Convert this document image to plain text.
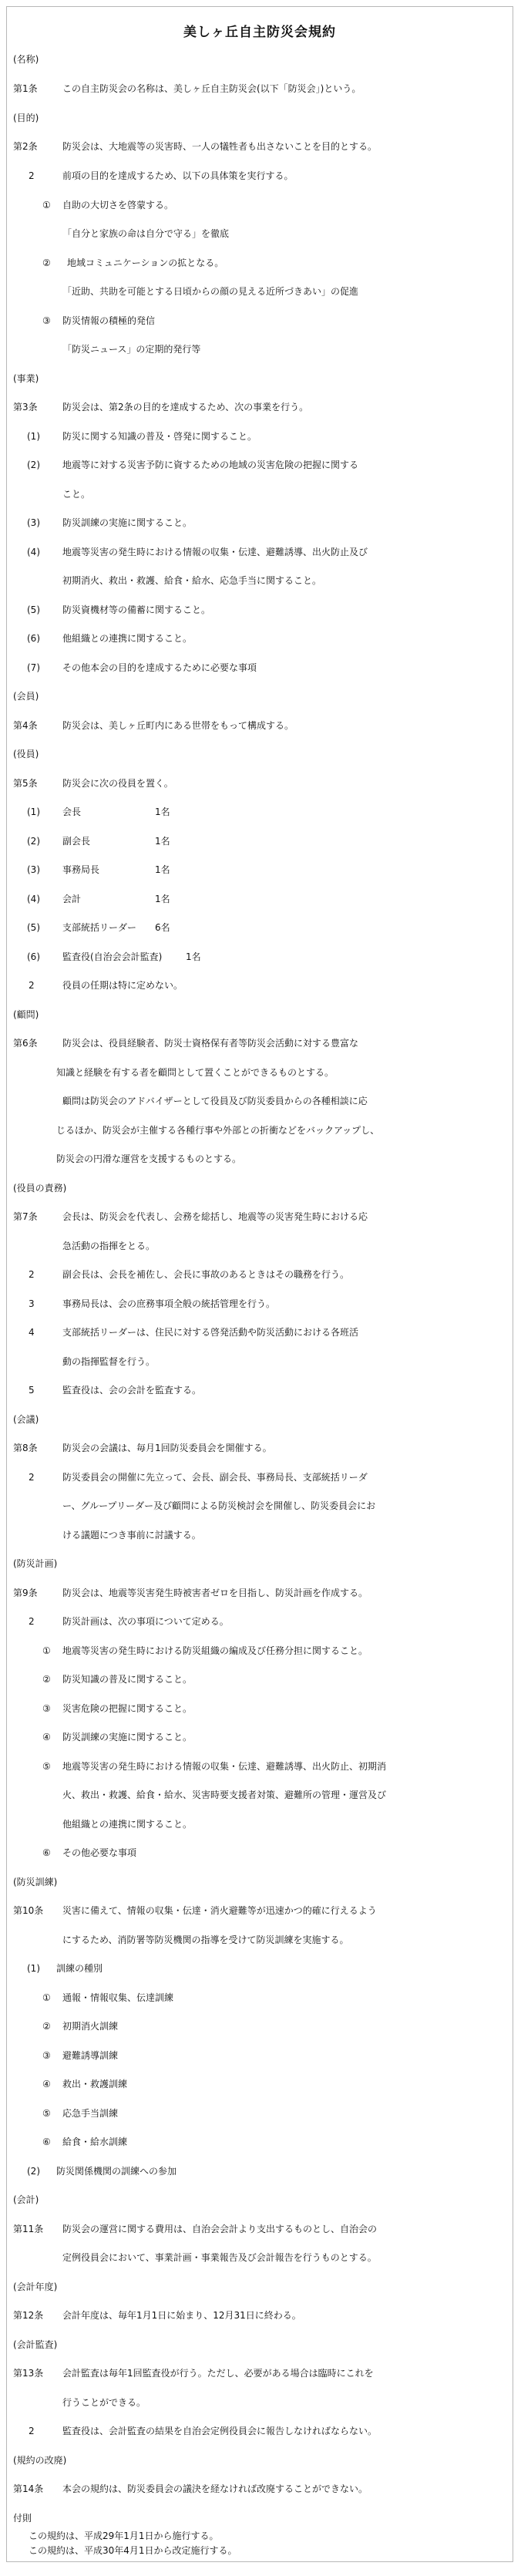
美しヶ丘自主防災会規約
(名称)
第1条	この自主防災会の名称は、美しヶ丘自主防災会(以下「防災会」)という。
(目的)
第2条	防災会は、大地震等の災害時、一人の犠牲者も出さないことを目的とする。
2	前項の目的を達成するため、以下の具体策を実行する。
① 自助の大切さを啓蒙する。
「自分と家族の命は自分で守る」を徹底
② 地域コミュニケーションの拡となる。
「近助、共助を可能とする日頃からの顔の見える近所づきあい」の促進
③ 防災情報の積極的発信
「防災ニュース」の定期的発行等
(事業)
第3条	防災会は、第2条の目的を達成するため、次の事業を行う。
(1) 防災に関する知識の普及・啓発に関すること。
(2) 地震等に対する災害予防に資するための地域の災害危険の把握に関する
こと。
(3) 防災訓練の実施に関すること。
(4) 地震等災害の発生時における情報の収集・伝達、避難誘導、出火防止及び
初期消火、救出・救護、給食・給水、応急手当に関すること。
(5) 防災資機材等の備蓄に関すること。
(6) 他組織との連携に関すること。
(7) その他本会の目的を達成するために必要な事項
(会員)
第4条	防災会は、美しヶ丘町内にある世帯をもって構成する。
(役員)
第5条	防災会に次の役員を置く。
(1) 会長	1名
(2) 副会長	1名
(3) 事務局長	1名
(4) 会計	1名
(5) 支部統括リーダー 6名
(6) 監査役(自治会会計監査)	1名
2	役員の任期は特に定めない。
(顧問)
第6条	防災会は、役員経験者、防災士資格保有者等防災会活動に対する豊富な
知識と経験を有する者を顧問として置くことができるものとする。
顧問は防災会のアドバイザーとして役員及び防災委員からの各種相談に応
じるほか、防災会が主催する各種行事や外部との折衝などをバックアップし、
防災会の円滑な運営を支援するものとする。
(役員の責務)
第7条	会長は、防災会を代表し、会務を総括し、地震等の災害発生時における応
急活動の指揮をとる。
2	副会長は、会長を補佐し、会長に事故のあるときはその職務を行う。
3	事務局長は、会の庶務事項全般の統括管理を行う。
4	支部統括リーダーは、住民に対する啓発活動や防災活動における各班活
動の指揮監督を行う。
5	監査役は、会の会計を監査する。
(会議)
第8条	防災会の会議は、毎月1回防災委員会を開催する。
2	防災委員会の開催に先立って、会長、副会長、事務局長、支部統括リーダ
ー、グループリーダー及び顧問による防災検討会を開催し、防災委員会にお
ける議題につき事前に討議する。
(防災計画)
第9条	防災会は、地震等災害発生時被害者ゼロを目指し、防災計画を作成する。
2	防災計画は、次の事項について定める。
① 地震等災害の発生時における防災組織の編成及び任務分担に関すること。
② 防災知識の普及に関すること。
③ 災害危険の把握に関すること。
④ 防災訓練の実施に関すること。
⑤ 地震等災害の発生時における情報の収集・伝達、避難誘導、出火防止、初期消
火、救出・救護、給食・給水、災害時要支援者対策、避難所の管理・運営及び
他組織との連携に関すること。
⑥ その他必要な事項
(防災訓練)
第10条 災害に備えて、情報の収集・伝達・消火避難等が迅速かつ的確に行えるよう
にするため、消防署等防災機関の指導を受けて防災訓練を実施する。
(1) 訓練の種別
① 通報・情報収集、伝達訓練
② 初期消火訓練
③ 避難誘導訓練
④ 救出・救護訓練
⑤ 応急手当訓練
⑥ 給食・給水訓練
(2) 防災関係機関の訓練への参加
(会計)
第11条 防災会の運営に関する費用は、自治会会計より支出するものとし、自治会の
定例役員会において、事業計画・事業報告及び会計報告を行うものとする。
(会計年度)
第12条 会計年度は、毎年1月1日に始まり、12月31日に終わる。
(会計監査)
第13条 会計監査は毎年1回監査役が行う。ただし、必要がある場合は臨時にこれを
行うことができる。
2	監査役は、会計監査の結果を自治会定例役員会に報告しなければならない。
(規約の改廃)
第14条 本会の規約は、防災委員会の議決を経なければ改廃することができない。
付則
この規約は、平成29年1月1日から施行する。
この規約は、平成30年4月1日から改定施行する。
